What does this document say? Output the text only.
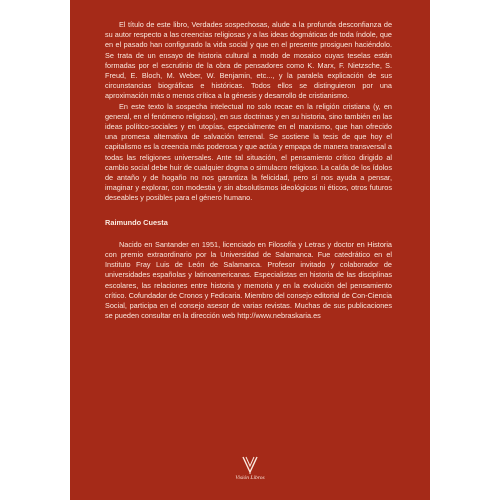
El título de este libro, Verdades sospechosas, alude a la profunda desconfianza de su autor respecto a las creencias religiosas y a las ideas dogmáticas de toda índole, que en el pasado han configurado la vida social y que en el presente prosiguen haciéndolo. Se trata de un ensayo de historia cultural a modo de mosaico cuyas teselas están formadas por el escrutinio de la obra de pensadores como K. Marx, F. Nietzsche, S. Freud, E. Bloch, M. Weber, W. Benjamin, etc..., y la paralela explicación de sus circunstancias biográficas e históricas. Todos ellos se distinguieron por una aproximación más o menos crítica a la génesis y desarrollo de cristianismo.

En este texto la sospecha intelectual no solo recae en la religión cristiana (y, en general, en el fenómeno religioso), en sus doctrinas y en su historia, sino también en las ideas político-sociales y en utopías, especialmente en el marxismo, que han ofrecido una promesa alternativa de salvación terrenal. Se sostiene la tesis de que hoy el capitalismo es la creencia más poderosa y que actúa y empapa de manera transversal a todas las religiones universales. Ante tal situación, el pensamiento crítico dirigido al cambio social debe huir de cualquier dogma o simulacro religioso. La caída de los ídolos de antaño y de hogaño no nos garantiza la felicidad, pero sí nos ayuda a pensar, imaginar y explorar, con modestia y sin absolutismos ideológicos ni éticos, otros futuros deseables y posibles para el género humano.

Raimundo Cuesta

Nacido en Santander en 1951, licenciado en Filosofía y Letras y doctor en Historia con premio extraordinario por la Universidad de Salamanca. Fue catedrático en el Instituto Fray Luis de León de Salamanca. Profesor invitado y colaborador de universidades españolas y latinoamericanas. Especialistas en historia de las disciplinas escolares, las relaciones entre historia y memoria y en la evolución del pensamiento crítico. Cofundador de Cronos y Fedicaria. Miembro del consejo editorial de Con-Ciencia Social, participa en el consejo asesor de varias revistas. Muchas de sus publicaciones se pueden consultar en la dirección web http://www.nebraskaria.es

Visión Libros
